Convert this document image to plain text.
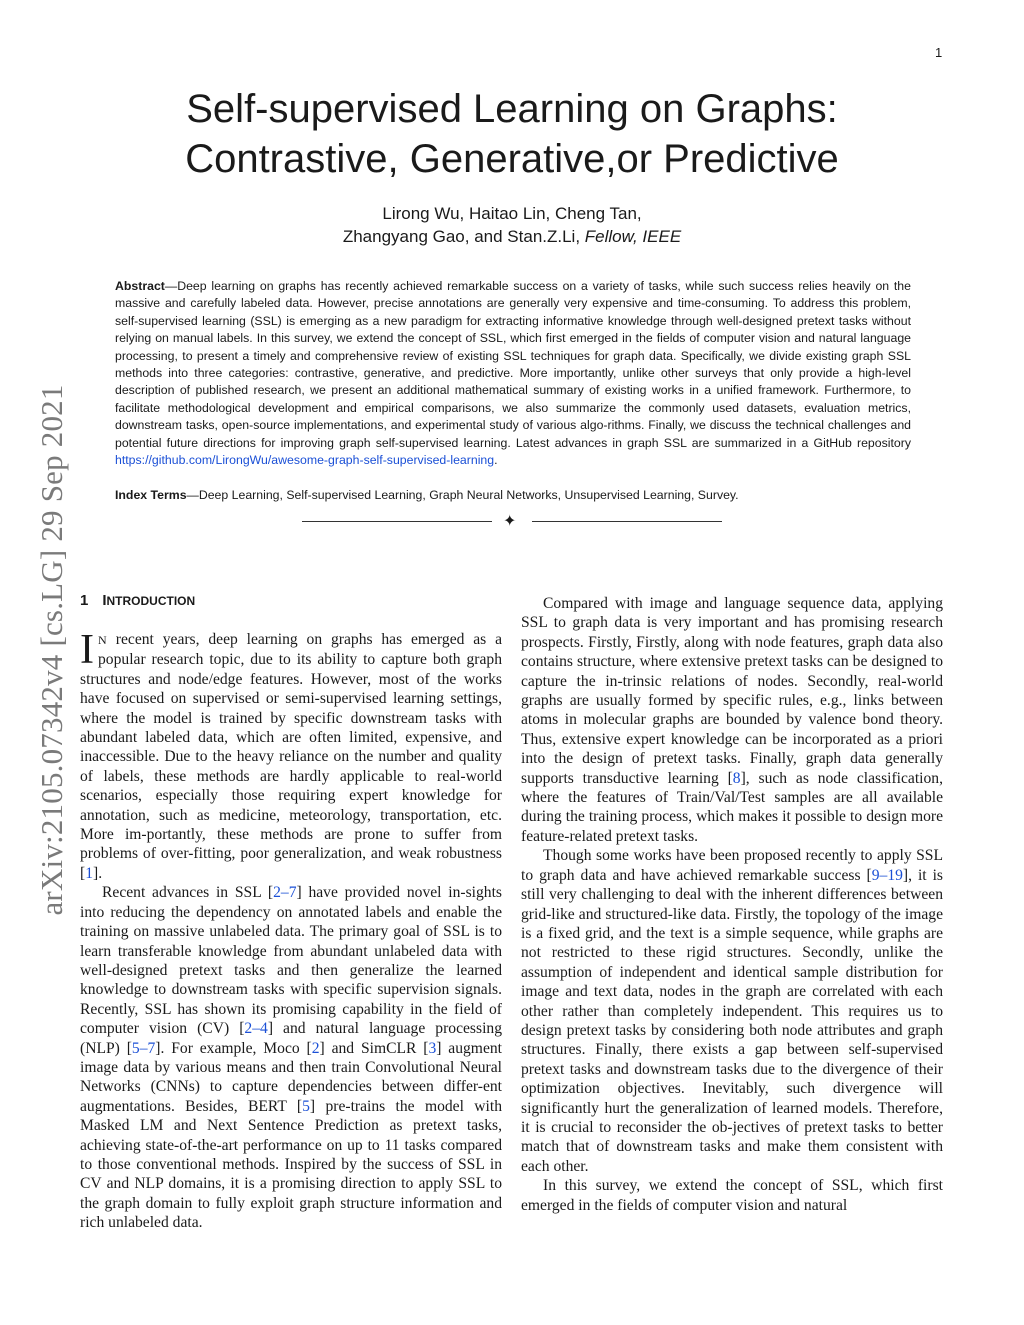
1
arXiv:2105.07342v4 [cs.LG] 29 Sep 2021
Self-supervised Learning on Graphs:
Contrastive, Generative,or Predictive
Lirong Wu, Haitao Lin, Cheng Tan,
Zhangyang Gao, and Stan.Z.Li, Fellow, IEEE

Abstract—Deep learning on graphs has recently achieved remarkable success on a variety of tasks, while such success relies heavily on the massive and carefully labeled data. However, precise annotations are generally very expensive and time-consuming. To address this problem, self-supervised learning (SSL) is emerging as a new paradigm for extracting informative knowledge through well-designed pretext tasks without relying on manual labels. In this survey, we extend the concept of SSL, which first emerged in the fields of computer vision and natural language processing, to present a timely and comprehensive review of existing SSL techniques for graph data. Specifically, we divide existing graph SSL methods into three categories: contrastive, generative, and predictive. More importantly, unlike other surveys that only provide a high-level description of published research, we present an additional mathematical summary of existing works in a unified framework. Furthermore, to facilitate methodological development and empirical comparisons, we also summarize the commonly used datasets, evaluation metrics, downstream tasks, open-source implementations, and experimental study of various algo-rithms. Finally, we discuss the technical challenges and potential future directions for improving graph self-supervised learning. Latest advances in graph SSL are summarized in a GitHub repository https://github.com/LirongWu/awesome-graph-self-supervised-learning.

Index Terms—Deep Learning, Self-supervised Learning, Graph Neural Networks, Unsupervised Learning, Survey.

✦
1 INTRODUCTION

I N recent years, deep learning on graphs has emerged as a popular research topic, due to its ability to capture both graph structures and node/edge features. However, most of the works have focused on supervised or semi-supervised learning settings, where the model is trained by specific downstream tasks with abundant labeled data, which are often limited, expensive, and inaccessible. Due to the heavy reliance on the number and quality of labels, these methods are hardly applicable to real-world scenarios, especially those requiring expert knowledge for annotation, such as medicine, meteorology, transportation, etc. More im-portantly, these methods are prone to suffer from problems of over-fitting, poor generalization, and weak robustness [1].

Recent advances in SSL [2–7] have provided novel in-sights into reducing the dependency on annotated labels and enable the training on massive unlabeled data. The primary goal of SSL is to learn transferable knowledge from abundant unlabeled data with well-designed pretext tasks and then generalize the learned knowledge to downstream tasks with specific supervision signals. Recently, SSL has shown its promising capability in the field of computer vision (CV) [2–4] and natural language processing (NLP) [5–7]. For example, Moco [2] and SimCLR [3] augment image data by various means and then train Convolutional Neural Networks (CNNs) to capture dependencies between differ-ent augmentations. Besides, BERT [5] pre-trains the model with Masked LM and Next Sentence Prediction as pretext tasks, achieving state-of-the-art performance on up to 11 tasks compared to those conventional methods. Inspired by the success of SSL in CV and NLP domains, it is a promising direction to apply SSL to the graph domain to fully exploit graph structure information and rich unlabeled data.

Compared with image and language sequence data, applying SSL to graph data is very important and has promising research prospects. Firstly, Firstly, along with node features, graph data also contains structure, where extensive pretext tasks can be designed to capture the in-trinsic relations of nodes. Secondly, real-world graphs are usually formed by specific rules, e.g., links between atoms in molecular graphs are bounded by valence bond theory. Thus, extensive expert knowledge can be incorporated as a priori into the design of pretext tasks. Finally, graph data generally supports transductive learning [8], such as node classification, where the features of Train/Val/Test samples are all available during the training process, which makes it possible to design more feature-related pretext tasks.

Though some works have been proposed recently to apply SSL to graph data and have achieved remarkable success [9–19], it is still very challenging to deal with the inherent differences between grid-like and structured-like data. Firstly, the topology of the image is a fixed grid, and the text is a simple sequence, while graphs are not restricted to these rigid structures. Secondly, unlike the assumption of independent and identical sample distribution for image and text data, nodes in the graph are correlated with each other rather than completely independent. This requires us to design pretext tasks by considering both node attributes and graph structures. Finally, there exists a gap between self-supervised pretext tasks and downstream tasks due to the divergence of their optimization objectives. Inevitably, such divergence will significantly hurt the generalization of learned models. Therefore, it is crucial to reconsider the ob-jectives of pretext tasks to better match that of downstream tasks and make them consistent with each other.

In this survey, we extend the concept of SSL, which first emerged in the fields of computer vision and natural
